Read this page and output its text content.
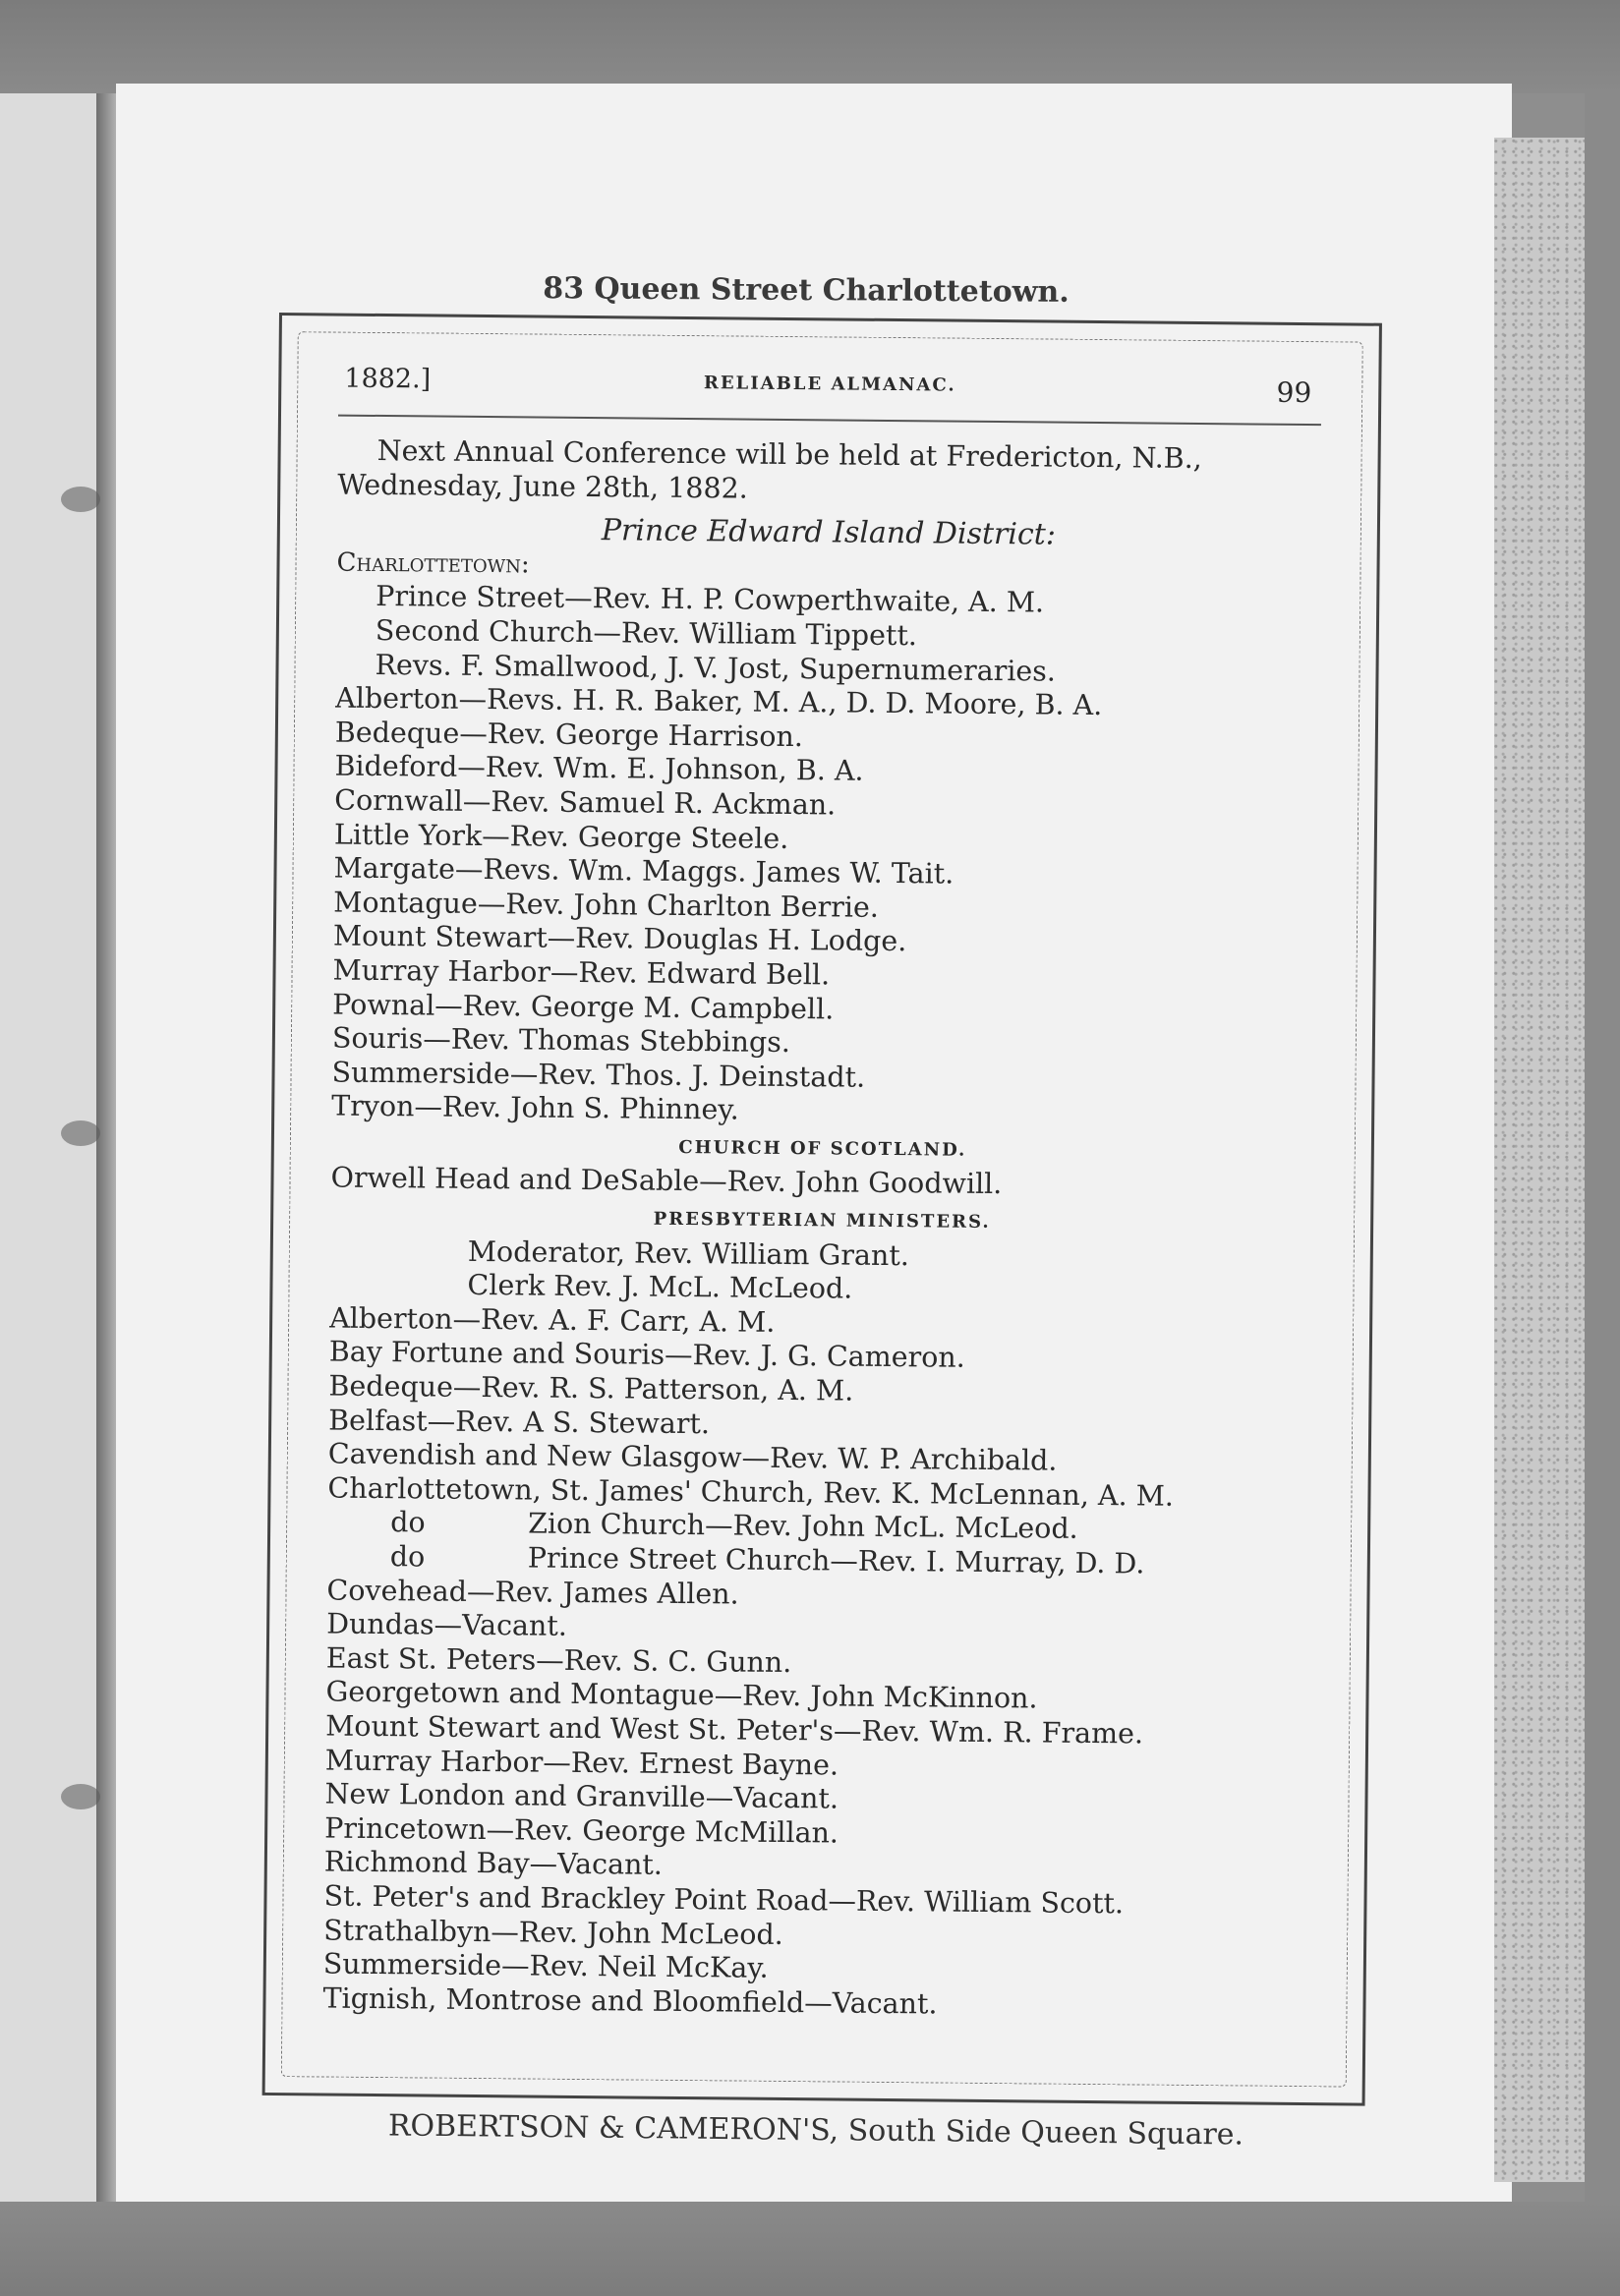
83 Queen Street Charlottetown.
1882.]	RELIABLE ALMANAC.	99
Next Annual Conference will be held at Fredericton, N.B.,
Wednesday, June 28th, 1882.
Prince Edward Island District:
Charlottetown:
Prince Street—Rev. H. P. Cowperthwaite, A. M.
Second Church—Rev. William Tippett.
Revs. F. Smallwood, J. V. Jost, Supernumeraries.
Alberton—Revs. H. R. Baker, M. A., D. D. Moore, B. A.
Bedeque—Rev. George Harrison.
Bideford—Rev. Wm. E. Johnson, B. A.
Cornwall—Rev. Samuel R. Ackman.
Little York—Rev. George Steele.
Margate—Revs. Wm. Maggs. James W. Tait.
Montague—Rev. John Charlton Berrie.
Mount Stewart—Rev. Douglas H. Lodge.
Murray Harbor—Rev. Edward Bell.
Pownal—Rev. George M. Campbell.
Souris—Rev. Thomas Stebbings.
Summerside—Rev. Thos. J. Deinstadt.
Tryon—Rev. John S. Phinney.
CHURCH OF SCOTLAND.
Orwell Head and DeSable—Rev. John Goodwill.
PRESBYTERIAN MINISTERS.
Moderator, Rev. William Grant.
Clerk Rev. J. McL. McLeod.
Alberton—Rev. A. F. Carr, A. M.
Bay Fortune and Souris—Rev. J. G. Cameron.
Bedeque—Rev. R. S. Patterson, A. M.
Belfast—Rev. A S. Stewart.
Cavendish and New Glasgow—Rev. W. P. Archibald.
Charlottetown, St. James' Church, Rev. K. McLennan, A. M.
do	Zion Church—Rev. John McL. McLeod.
do	Prince Street Church—Rev. I. Murray, D. D.
Covehead—Rev. James Allen.
Dundas—Vacant.
East St. Peters—Rev. S. C. Gunn.
Georgetown and Montague—Rev. John McKinnon.
Mount Stewart and West St. Peter's—Rev. Wm. R. Frame.
Murray Harbor—Rev. Ernest Bayne.
New London and Granville—Vacant.
Princetown—Rev. George McMillan.
Richmond Bay—Vacant.
St. Peter's and Brackley Point Road—Rev. William Scott.
Strathalbyn—Rev. John McLeod.
Summerside—Rev. Neil McKay.
Tignish, Montrose and Bloomfield—Vacant.
ROBERTSON & CAMERON'S, South Side Queen Square.
